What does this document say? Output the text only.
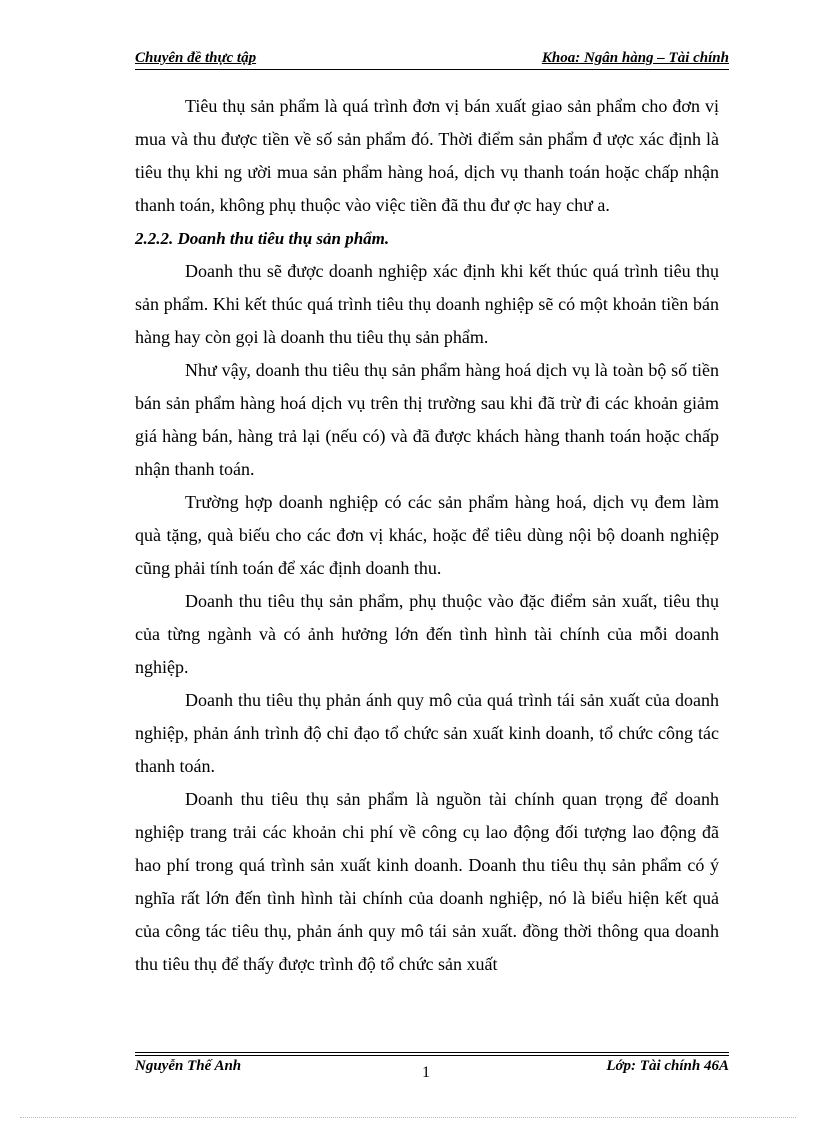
Chuyên đề thực tập	Khoa: Ngân hàng – Tài chính

Tiêu thụ sản phẩm là quá trình đơn vị bán xuất giao sản phẩm cho đơn vị mua và thu được tiền về số sản phẩm đó. Thời điểm sản phẩm đ ược xác định là tiêu thụ khi ng ười mua sản phẩm hàng hoá, dịch vụ thanh toán hoặc chấp nhận thanh toán, không phụ thuộc vào việc tiền đã thu đư ợc hay chư a.

2.2.2. Doanh thu tiêu thụ sản phẩm.

Doanh thu sẽ được doanh nghiệp xác định khi kết thúc quá trình tiêu thụ sản phẩm. Khi kết thúc quá trình tiêu thụ doanh nghiệp sẽ có một khoản tiền bán hàng hay còn gọi là doanh thu tiêu thụ sản phẩm.

Như vậy, doanh thu tiêu thụ sản phẩm hàng hoá dịch vụ là toàn bộ số tiền bán sản phẩm hàng hoá dịch vụ trên thị trường sau khi đã trừ đi các khoản giảm giá hàng bán, hàng trả lại (nếu có) và đã được khách hàng thanh toán hoặc chấp nhận thanh toán.

Trường hợp doanh nghiệp có các sản phẩm hàng hoá, dịch vụ đem làm quà tặng, quà biếu cho các đơn vị khác, hoặc để tiêu dùng nội bộ doanh nghiệp cũng phải tính toán để xác định doanh thu.

Doanh thu tiêu thụ sản phẩm, phụ thuộc vào đặc điểm sản xuất, tiêu thụ của từng ngành và có ảnh hưởng lớn đến tình hình tài chính của mỗi doanh nghiệp.

Doanh thu tiêu thụ phản ánh quy mô của quá trình tái sản xuất của doanh nghiệp, phản ánh trình độ chỉ đạo tổ chức sản xuất kinh doanh, tổ chức công tác thanh toán.

Doanh thu tiêu thụ sản phẩm là nguồn tài chính quan trọng để doanh nghiệp trang trải các khoản chi phí về công cụ lao động đối tượng lao động đã hao phí trong quá trình sản xuất kinh doanh. Doanh thu tiêu thụ sản phẩm có ý nghĩa rất lớn đến tình hình tài chính của doanh nghiệp, nó là biểu hiện kết quả của công tác tiêu thụ, phản ánh quy mô tái sản xuất. đồng thời thông qua doanh thu tiêu thụ để thấy được trình độ tổ chức sản xuất

Nguyễn Thế Anh	1	Lớp: Tài chính 46A
